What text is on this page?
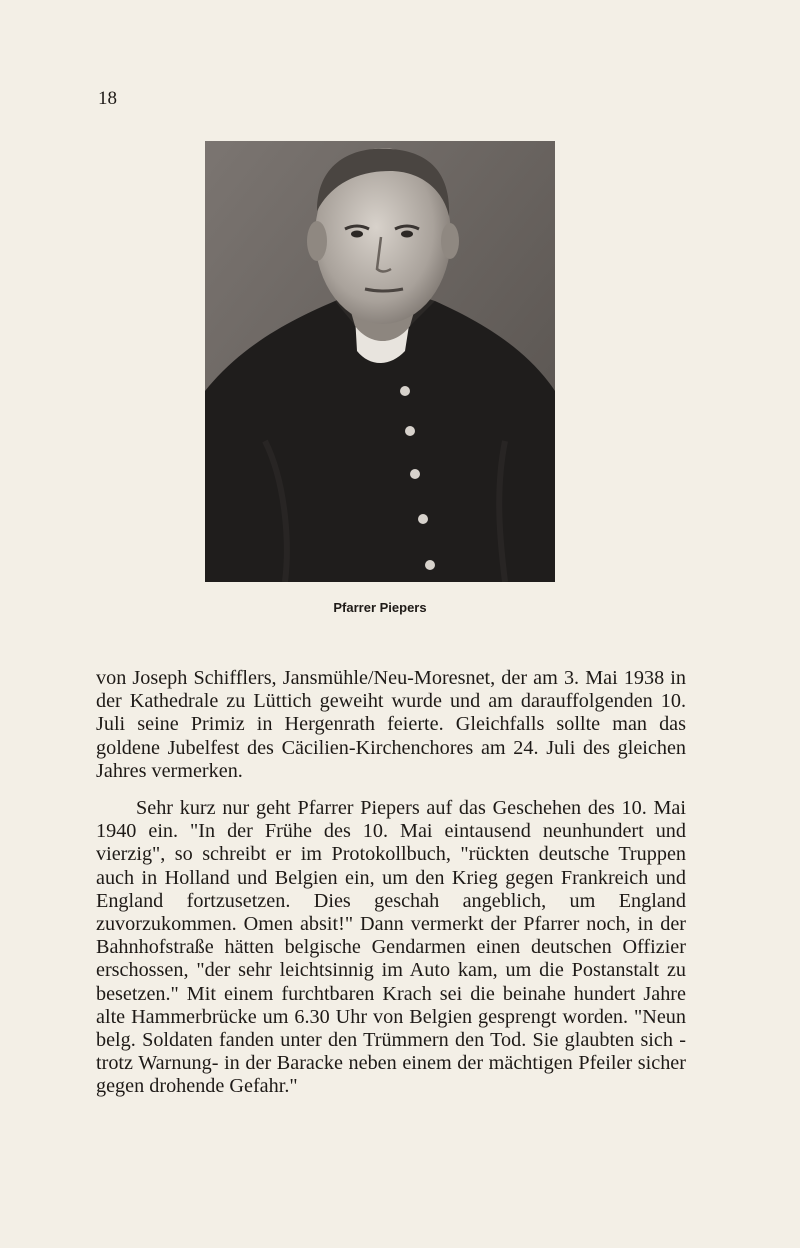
18
Pfarrer Piepers

von Joseph Schifflers, Jansmühle/Neu-Moresnet, der am 3. Mai 1938 in der Kathedrale zu Lüttich geweiht wurde und am darauffolgenden 10. Juli seine Primiz in Hergenrath feierte. Gleichfalls sollte man das goldene Jubelfest des Cäcilien-Kirchenchores am 24. Juli des gleichen Jahres vermerken.

Sehr kurz nur geht Pfarrer Piepers auf das Geschehen des 10. Mai 1940 ein. "In der Frühe des 10. Mai eintausend neunhundert und vierzig", so schreibt er im Protokollbuch, "rückten deutsche Truppen auch in Holland und Belgien ein, um den Krieg gegen Frankreich und England fortzusetzen. Dies geschah angeblich, um England zuvorzukommen. Omen absit!" Dann vermerkt der Pfarrer noch, in der Bahnhofstraße hätten belgische Gendarmen einen deutschen Offizier erschossen, "der sehr leichtsinnig im Auto kam, um die Postanstalt zu besetzen." Mit einem furchtbaren Krach sei die beinahe hundert Jahre alte Hammerbrücke um 6.30 Uhr von Belgien gesprengt worden. "Neun belg. Soldaten fanden unter den Trümmern den Tod. Sie glaubten sich -trotz Warnung- in der Baracke neben einem der mächtigen Pfeiler sicher gegen drohende Gefahr."
